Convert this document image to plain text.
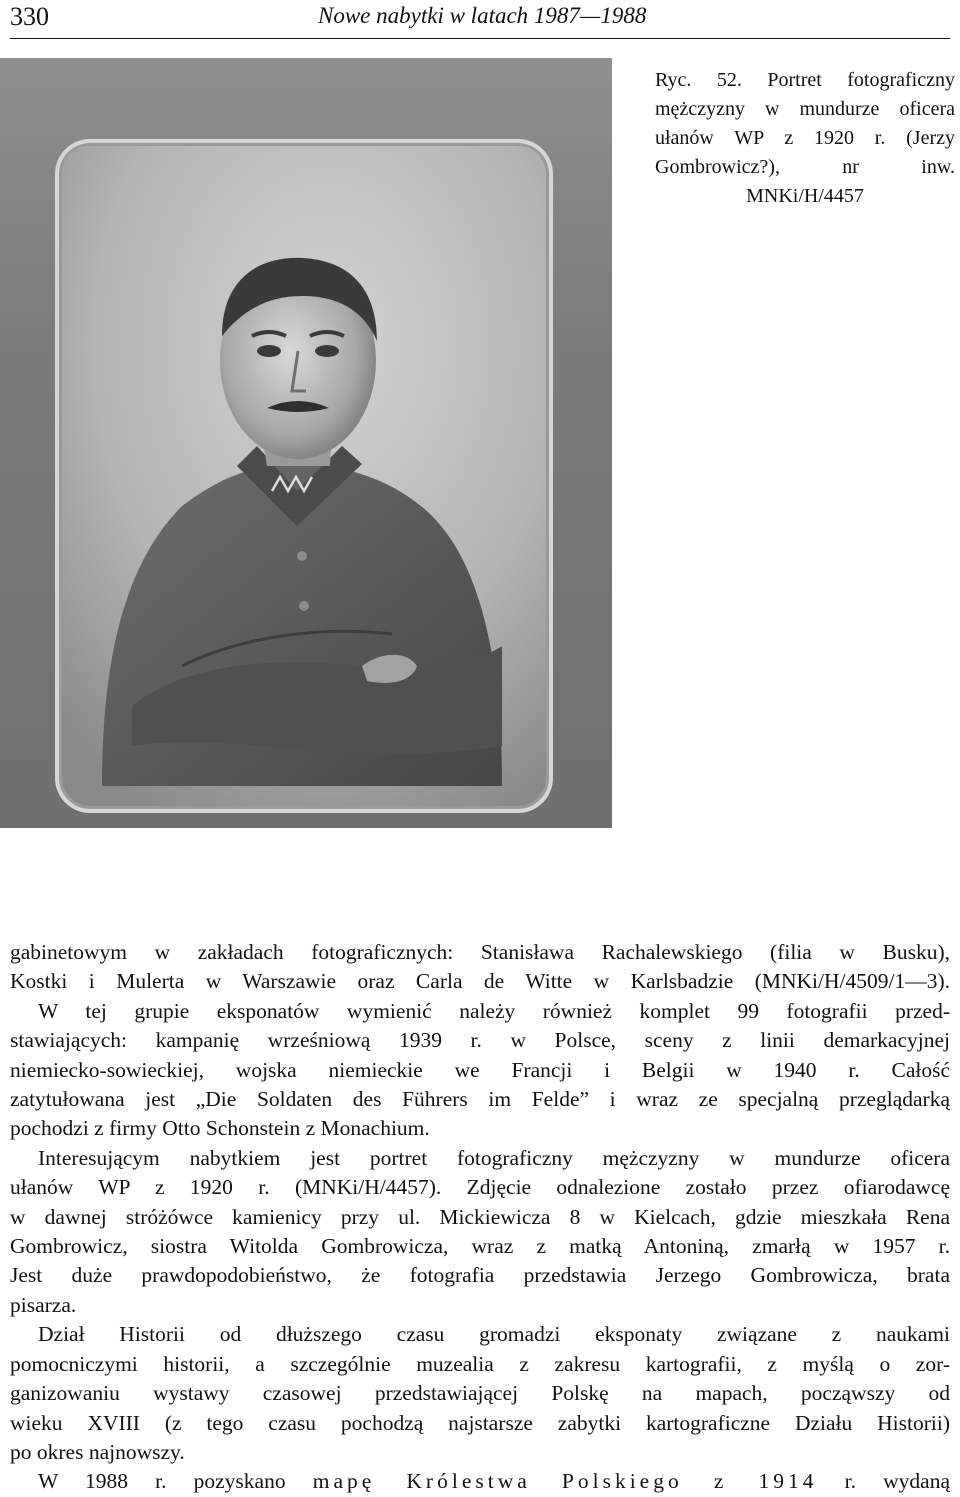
330	Nowe nabytki w latach 1987—1988
Ryc. 52. Portret fotograficzny
mężczyzny w mundurze oficera
ułanów WP z 1920 r. (Jerzy
Gombrowicz?), nr inw.
MNKi/H/4457
gabinetowym w zakładach fotograficznych: Stanisława Rachalewskiego (filia w Busku),
Kostki i Mulerta w Warszawie oraz Carla de Witte w Karlsbadzie (MNKi/H/4509/1—3).
W tej grupie eksponatów wymienić należy również komplet 99 fotografii przed-
stawiających: kampanię wrześniową 1939 r. w Polsce, sceny z linii demarkacyjnej
niemiecko-sowieckiej, wojska niemieckie we Francji i Belgii w 1940 r. Całość
zatytułowana jest „Die Soldaten des Führers im Felde” i wraz ze specjalną przeglądarką
pochodzi z firmy Otto Schonstein z Monachium.
Interesującym nabytkiem jest portret fotograficzny mężczyzny w mundurze oficera
ułanów WP z 1920 r. (MNKi/H/4457). Zdjęcie odnalezione zostało przez ofiarodawcę
w dawnej stróżówce kamienicy przy ul. Mickiewicza 8 w Kielcach, gdzie mieszkała Rena
Gombrowicz, siostra Witolda Gombrowicza, wraz z matką Antoniną, zmarłą w 1957 r.
Jest duże prawdopodobieństwo, że fotografia przedstawia Jerzego Gombrowicza, brata
pisarza.
Dział Historii od dłuższego czasu gromadzi eksponaty związane z naukami
pomocniczymi historii, a szczególnie muzealia z zakresu kartografii, z myślą o zor-
ganizowaniu wystawy czasowej przedstawiającej Polskę na mapach, począwszy od
wieku XVIII (z tego czasu pochodzą najstarsze zabytki kartograficzne Działu Historii)
po okres najnowszy.
W 1988 r. pozyskano mapę Królestwa Polskiego z 1914 r. wydaną
